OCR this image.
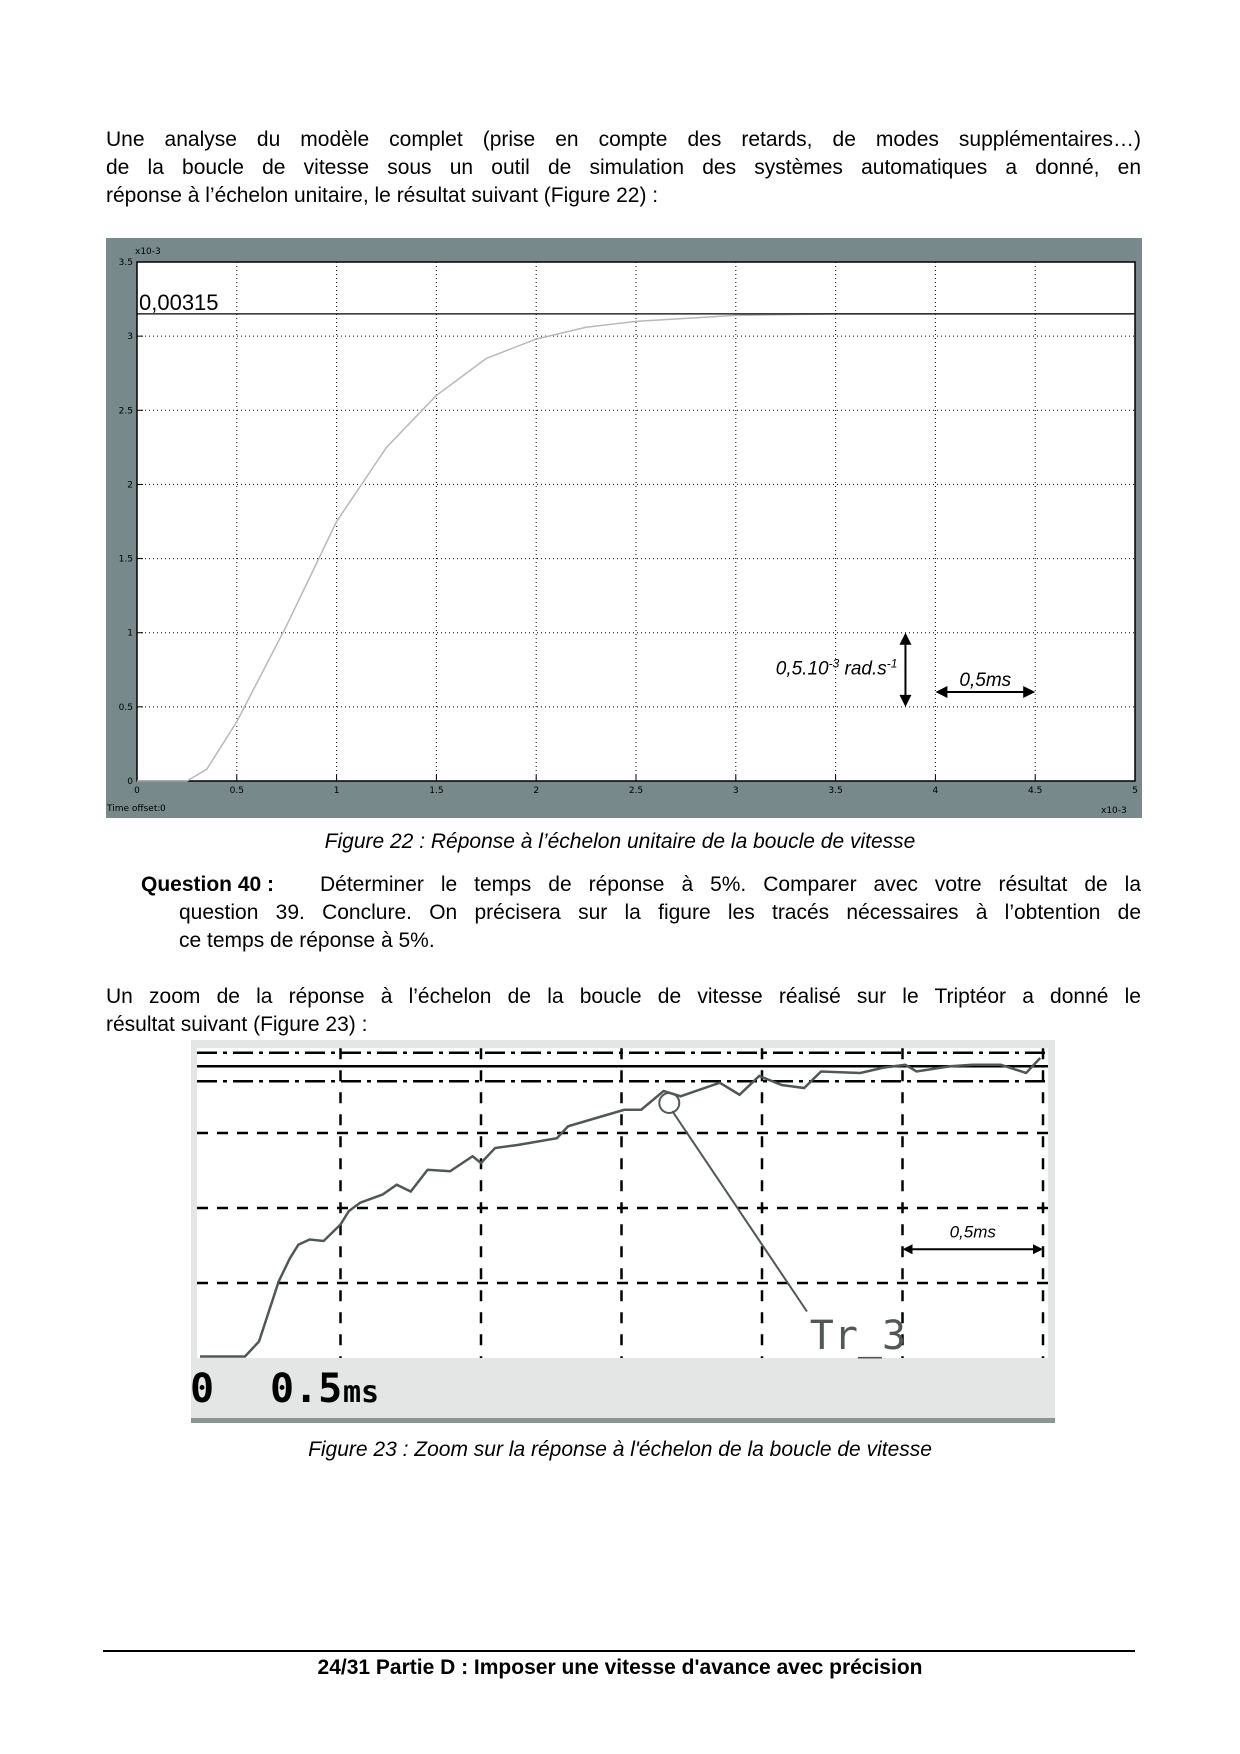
Une analyse du modèle complet (prise en compte des retards, de modes supplémentaires…)
de la boucle de vitesse sous un outil de simulation des systèmes automatiques a donné, en
réponse à l’échelon unitaire, le résultat suivant (Figure 22) :
0	0.5	1	1.5	2	2.5	3	3.5	4	4.5	5
0
0.5
1
1.5
2
2.5
3
3.5
x10-3
x10-3
Time offset: 0
0,00315
$0,5.10^{-3}$ $rad.s^{-1}$
0,5ms
Figure 22 : Réponse à l’échelon unitaire de la boucle de vitesse
Question 40 : Déterminer le temps de réponse à 5%. Comparer avec votre résultat de la
question 39. Conclure. On précisera sur la figure les tracés nécessaires à l’obtention de
ce temps de réponse à 5%.
Un zoom de la réponse à l’échelon de la boucle de vitesse réalisé sur le Triptéor a donné le
résultat suivant (Figure 23) :
Tr_3
0,5ms
0 0.5 ms
Figure 23 : Zoom sur la réponse à l'échelon de la boucle de vitesse
24/31 Partie D : Imposer une vitesse d'avance avec précision
